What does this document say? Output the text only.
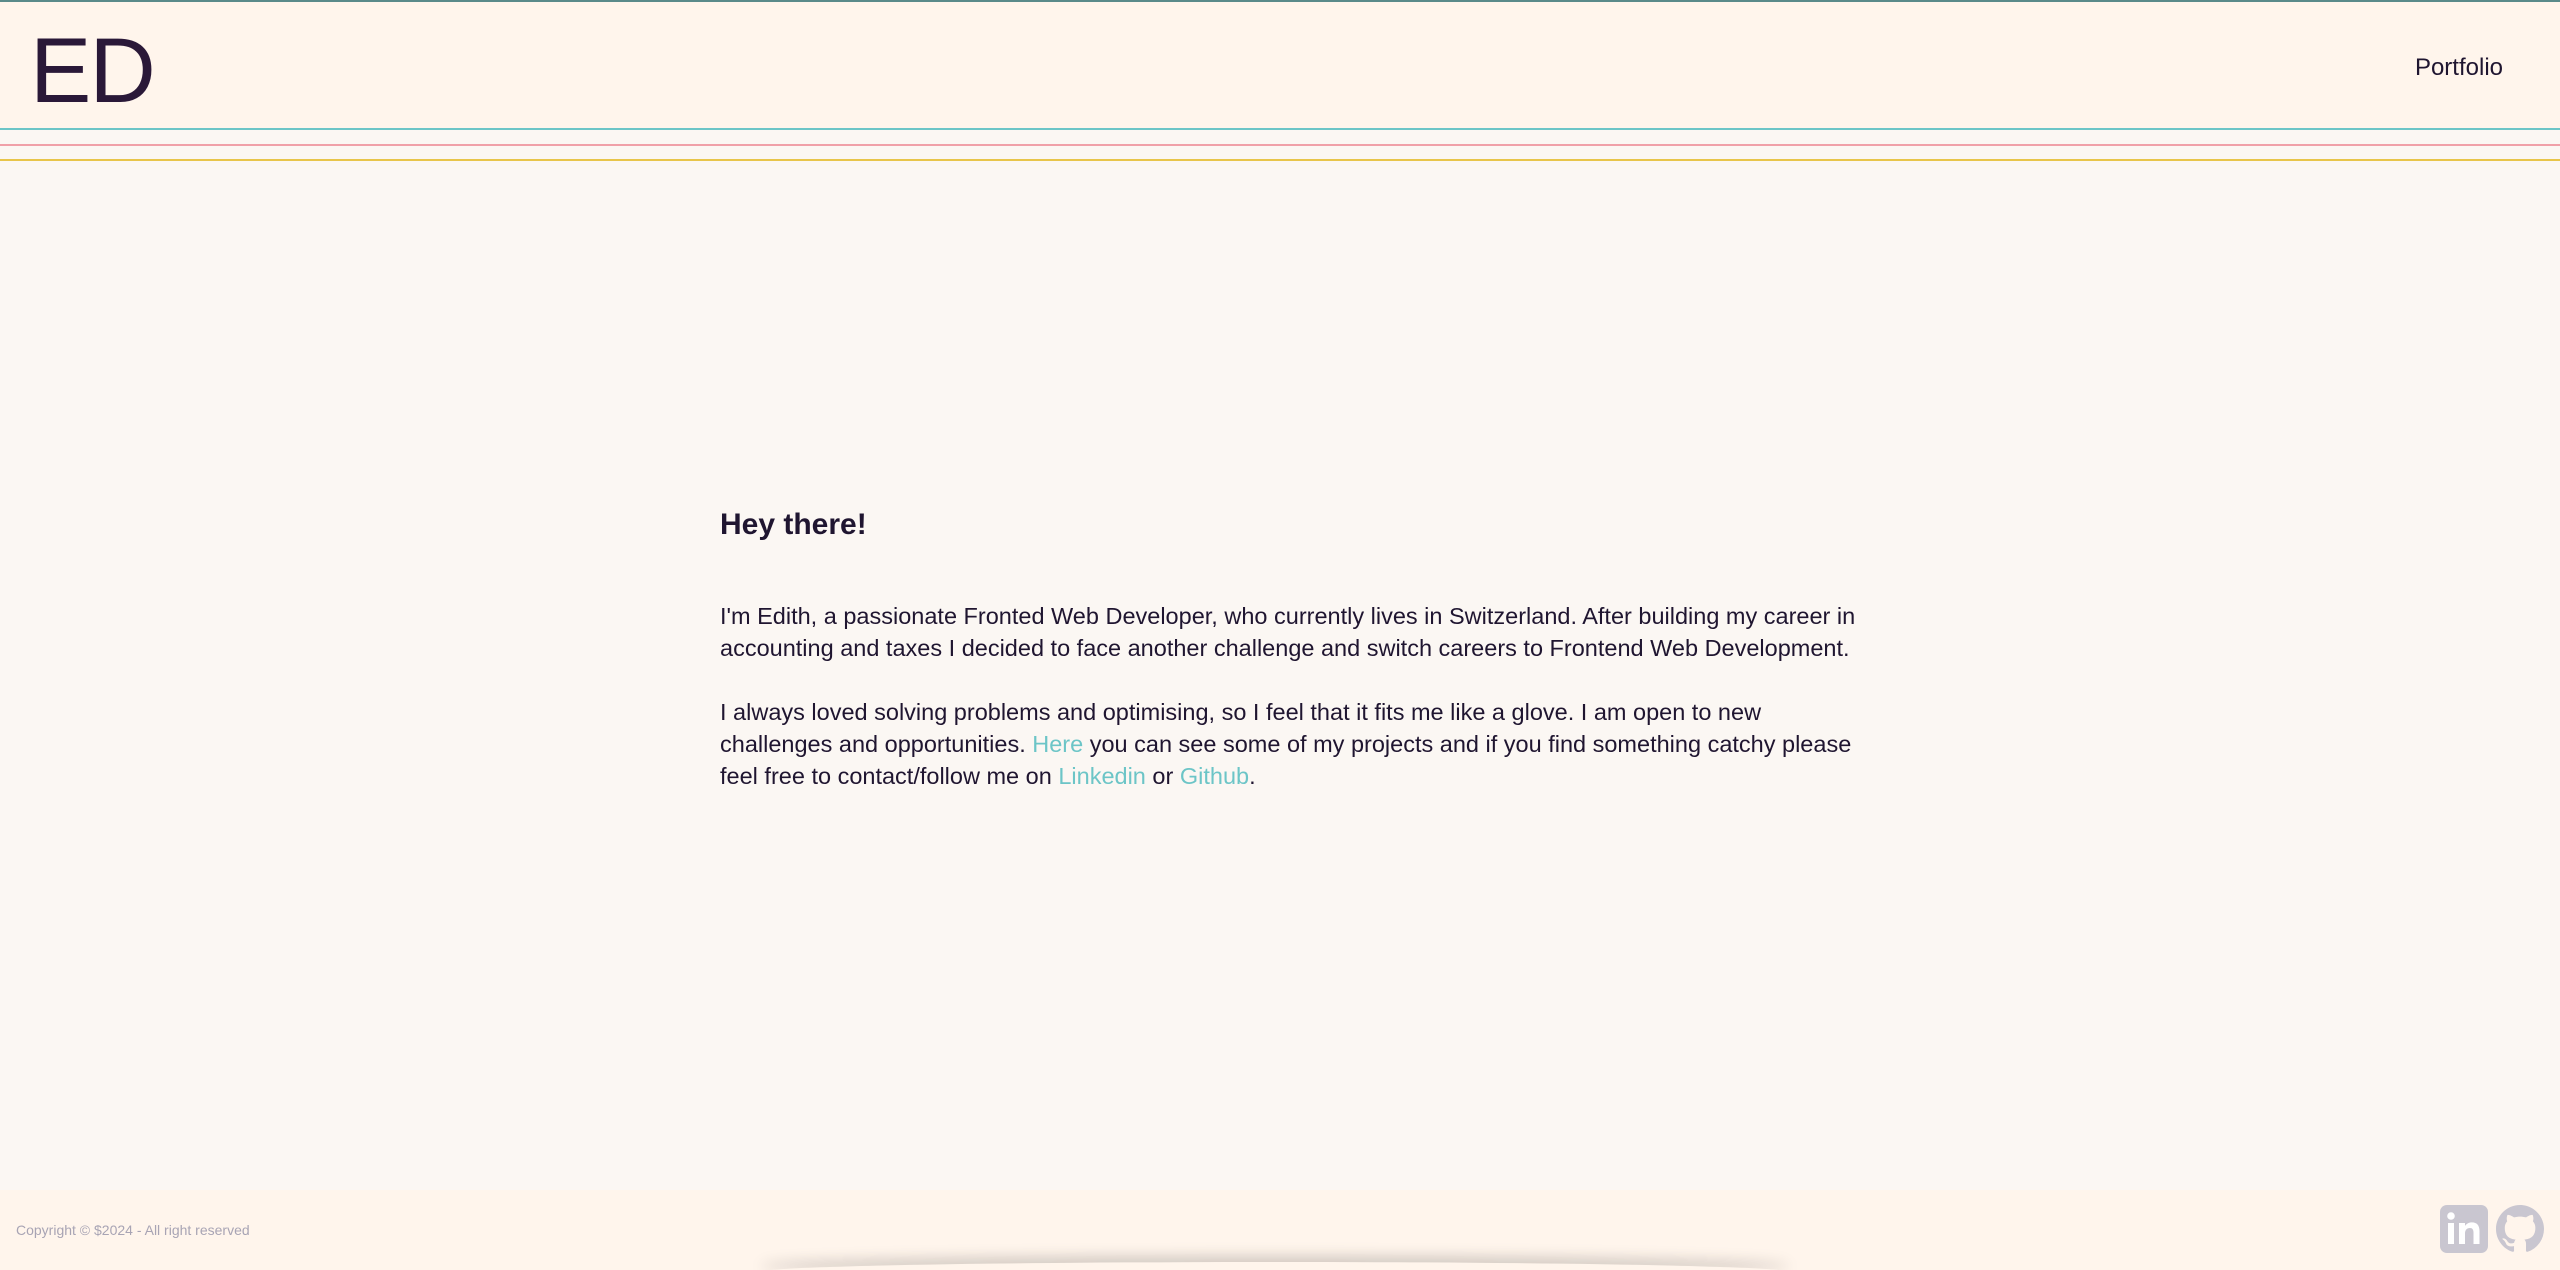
ED	Portfolio
Hey there!

I'm Edith, a passionate Fronted Web Developer, who currently lives in Switzerland. After building my career in accounting and taxes I decided to face another challenge and switch careers to Frontend Web Development.

I always loved solving problems and optimising, so I feel that it fits me like a glove. I am open to new challenges and opportunities. Here you can see some of my projects and if you find something catchy please feel free to contact/follow me on Linkedin or Github.

Copyright © $2024 - All right reserved
